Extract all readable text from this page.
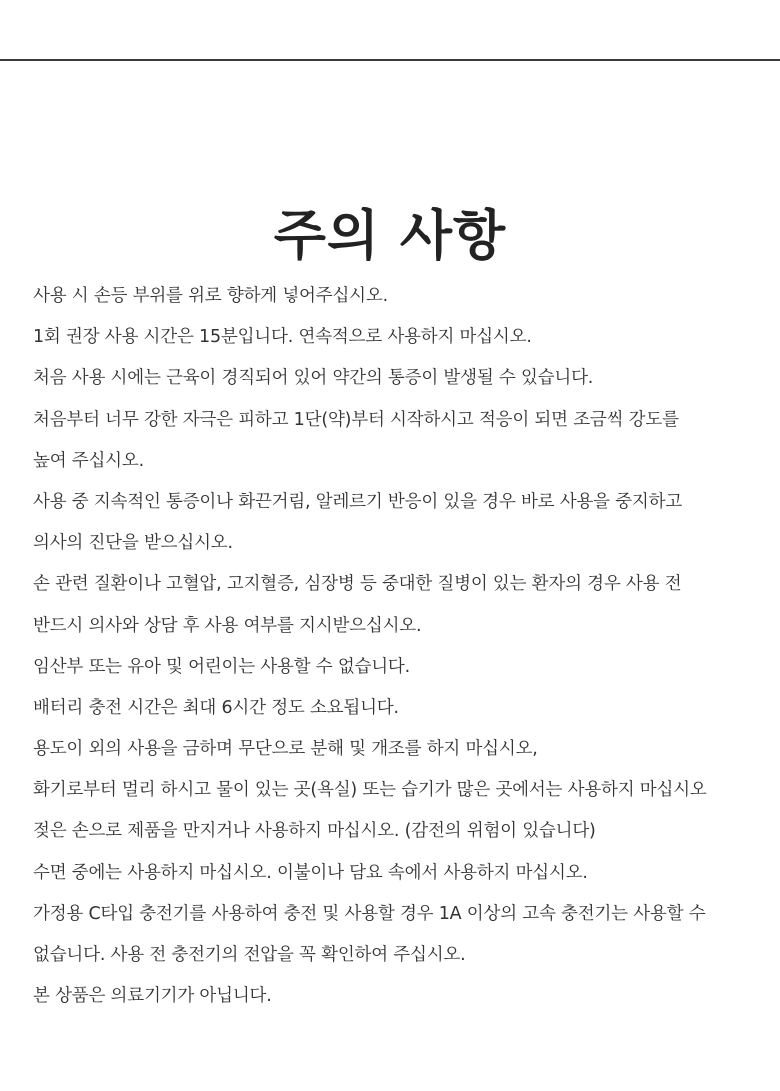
주의 사항
사용 시 손등 부위를 위로 향하게 넣어주십시오.
1회 권장 사용 시간은 15분입니다. 연속적으로 사용하지 마십시오.
처음 사용 시에는 근육이 경직되어 있어 약간의 통증이 발생될 수 있습니다.
처음부터 너무 강한 자극은 피하고 1단(약)부터 시작하시고 적응이 되면 조금씩 강도를
높여 주십시오.
사용 중 지속적인 통증이나 화끈거림, 알레르기 반응이 있을 경우 바로 사용을 중지하고
의사의 진단을 받으십시오.
손 관련 질환이나 고혈압, 고지혈증, 심장병 등 중대한 질병이 있는 환자의 경우 사용 전
반드시 의사와 상담 후 사용 여부를 지시받으십시오.
임산부 또는 유아 및 어린이는 사용할 수 없습니다.
배터리 충전 시간은 최대 6시간 정도 소요됩니다.
용도이 외의 사용을 금하며 무단으로 분해 및 개조를 하지 마십시오,
화기로부터 멀리 하시고 물이 있는 곳(욕실) 또는 습기가 많은 곳에서는 사용하지 마십시오
젖은 손으로 제품을 만지거나 사용하지 마십시오. (감전의 위험이 있습니다)
수면 중에는 사용하지 마십시오. 이불이나 담요 속에서 사용하지 마십시오.
가정용 C타입 충전기를 사용하여 충전 및 사용할 경우 1A 이상의 고속 충전기는 사용할 수
없습니다. 사용 전 충전기의 전압을 꼭 확인하여 주십시오.
본 상품은 의료기기가 아닙니다.
